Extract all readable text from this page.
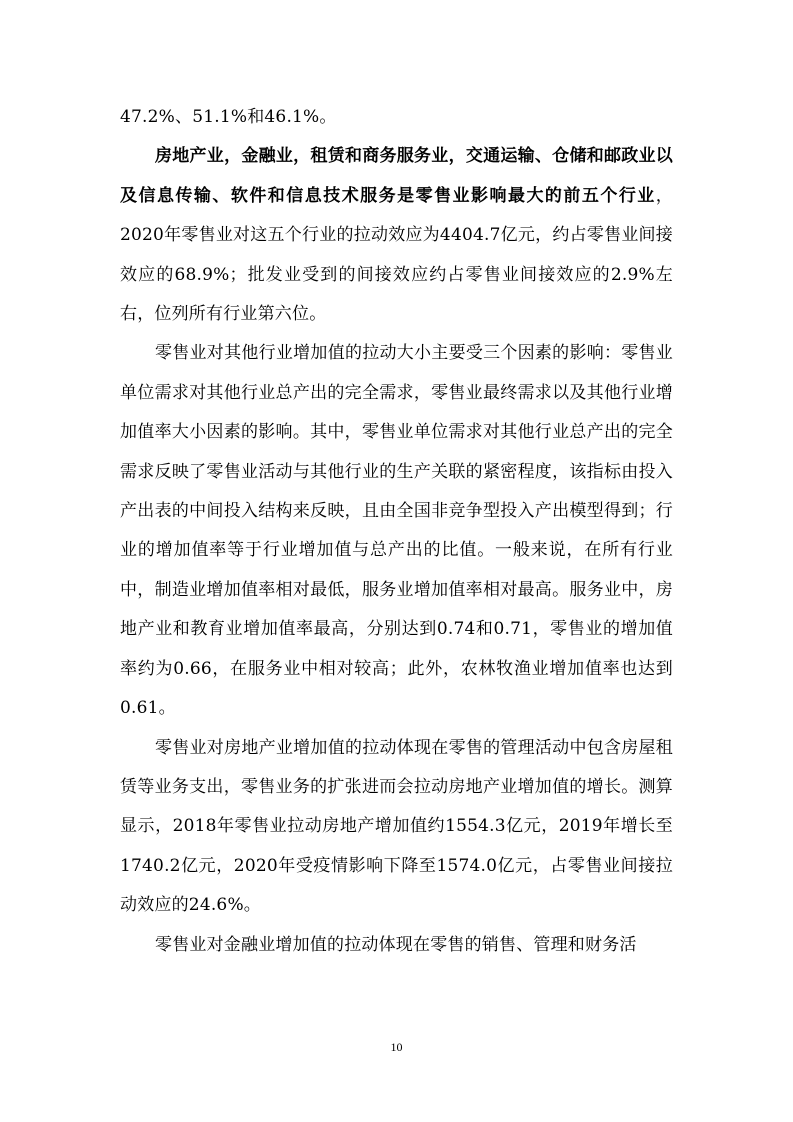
47.2%、51.1%和46.1%。

房地产业，金融业，租赁和商务服务业，交通运输、仓储和邮政业以及信息传输、软件和信息技术服务是零售业影响最大的前五个行业，2020年零售业对这五个行业的拉动效应为4404.7亿元，约占零售业间接效应的68.9%；批发业受到的间接效应约占零售业间接效应的2.9%左右，位列所有行业第六位。

零售业对其他行业增加值的拉动大小主要受三个因素的影响：零售业单位需求对其他行业总产出的完全需求，零售业最终需求以及其他行业增加值率大小因素的影响。其中，零售业单位需求对其他行业总产出的完全需求反映了零售业活动与其他行业的生产关联的紧密程度，该指标由投入产出表的中间投入结构来反映，且由全国非竞争型投入产出模型得到；行业的增加值率等于行业增加值与总产出的比值。一般来说，在所有行业中，制造业增加值率相对最低，服务业增加值率相对最高。服务业中，房地产业和教育业增加值率最高，分别达到0.74和0.71，零售业的增加值率约为0.66，在服务业中相对较高；此外，农林牧渔业增加值率也达到0.61。

零售业对房地产业增加值的拉动体现在零售的管理活动中包含房屋租赁等业务支出，零售业务的扩张进而会拉动房地产业增加值的增长。测算显示，2018年零售业拉动房地产增加值约1554.3亿元，2019年增长至1740.2亿元，2020年受疫情影响下降至1574.0亿元，占零售业间接拉动效应的24.6%。

零售业对金融业增加值的拉动体现在零售的销售、管理和财务活

10
